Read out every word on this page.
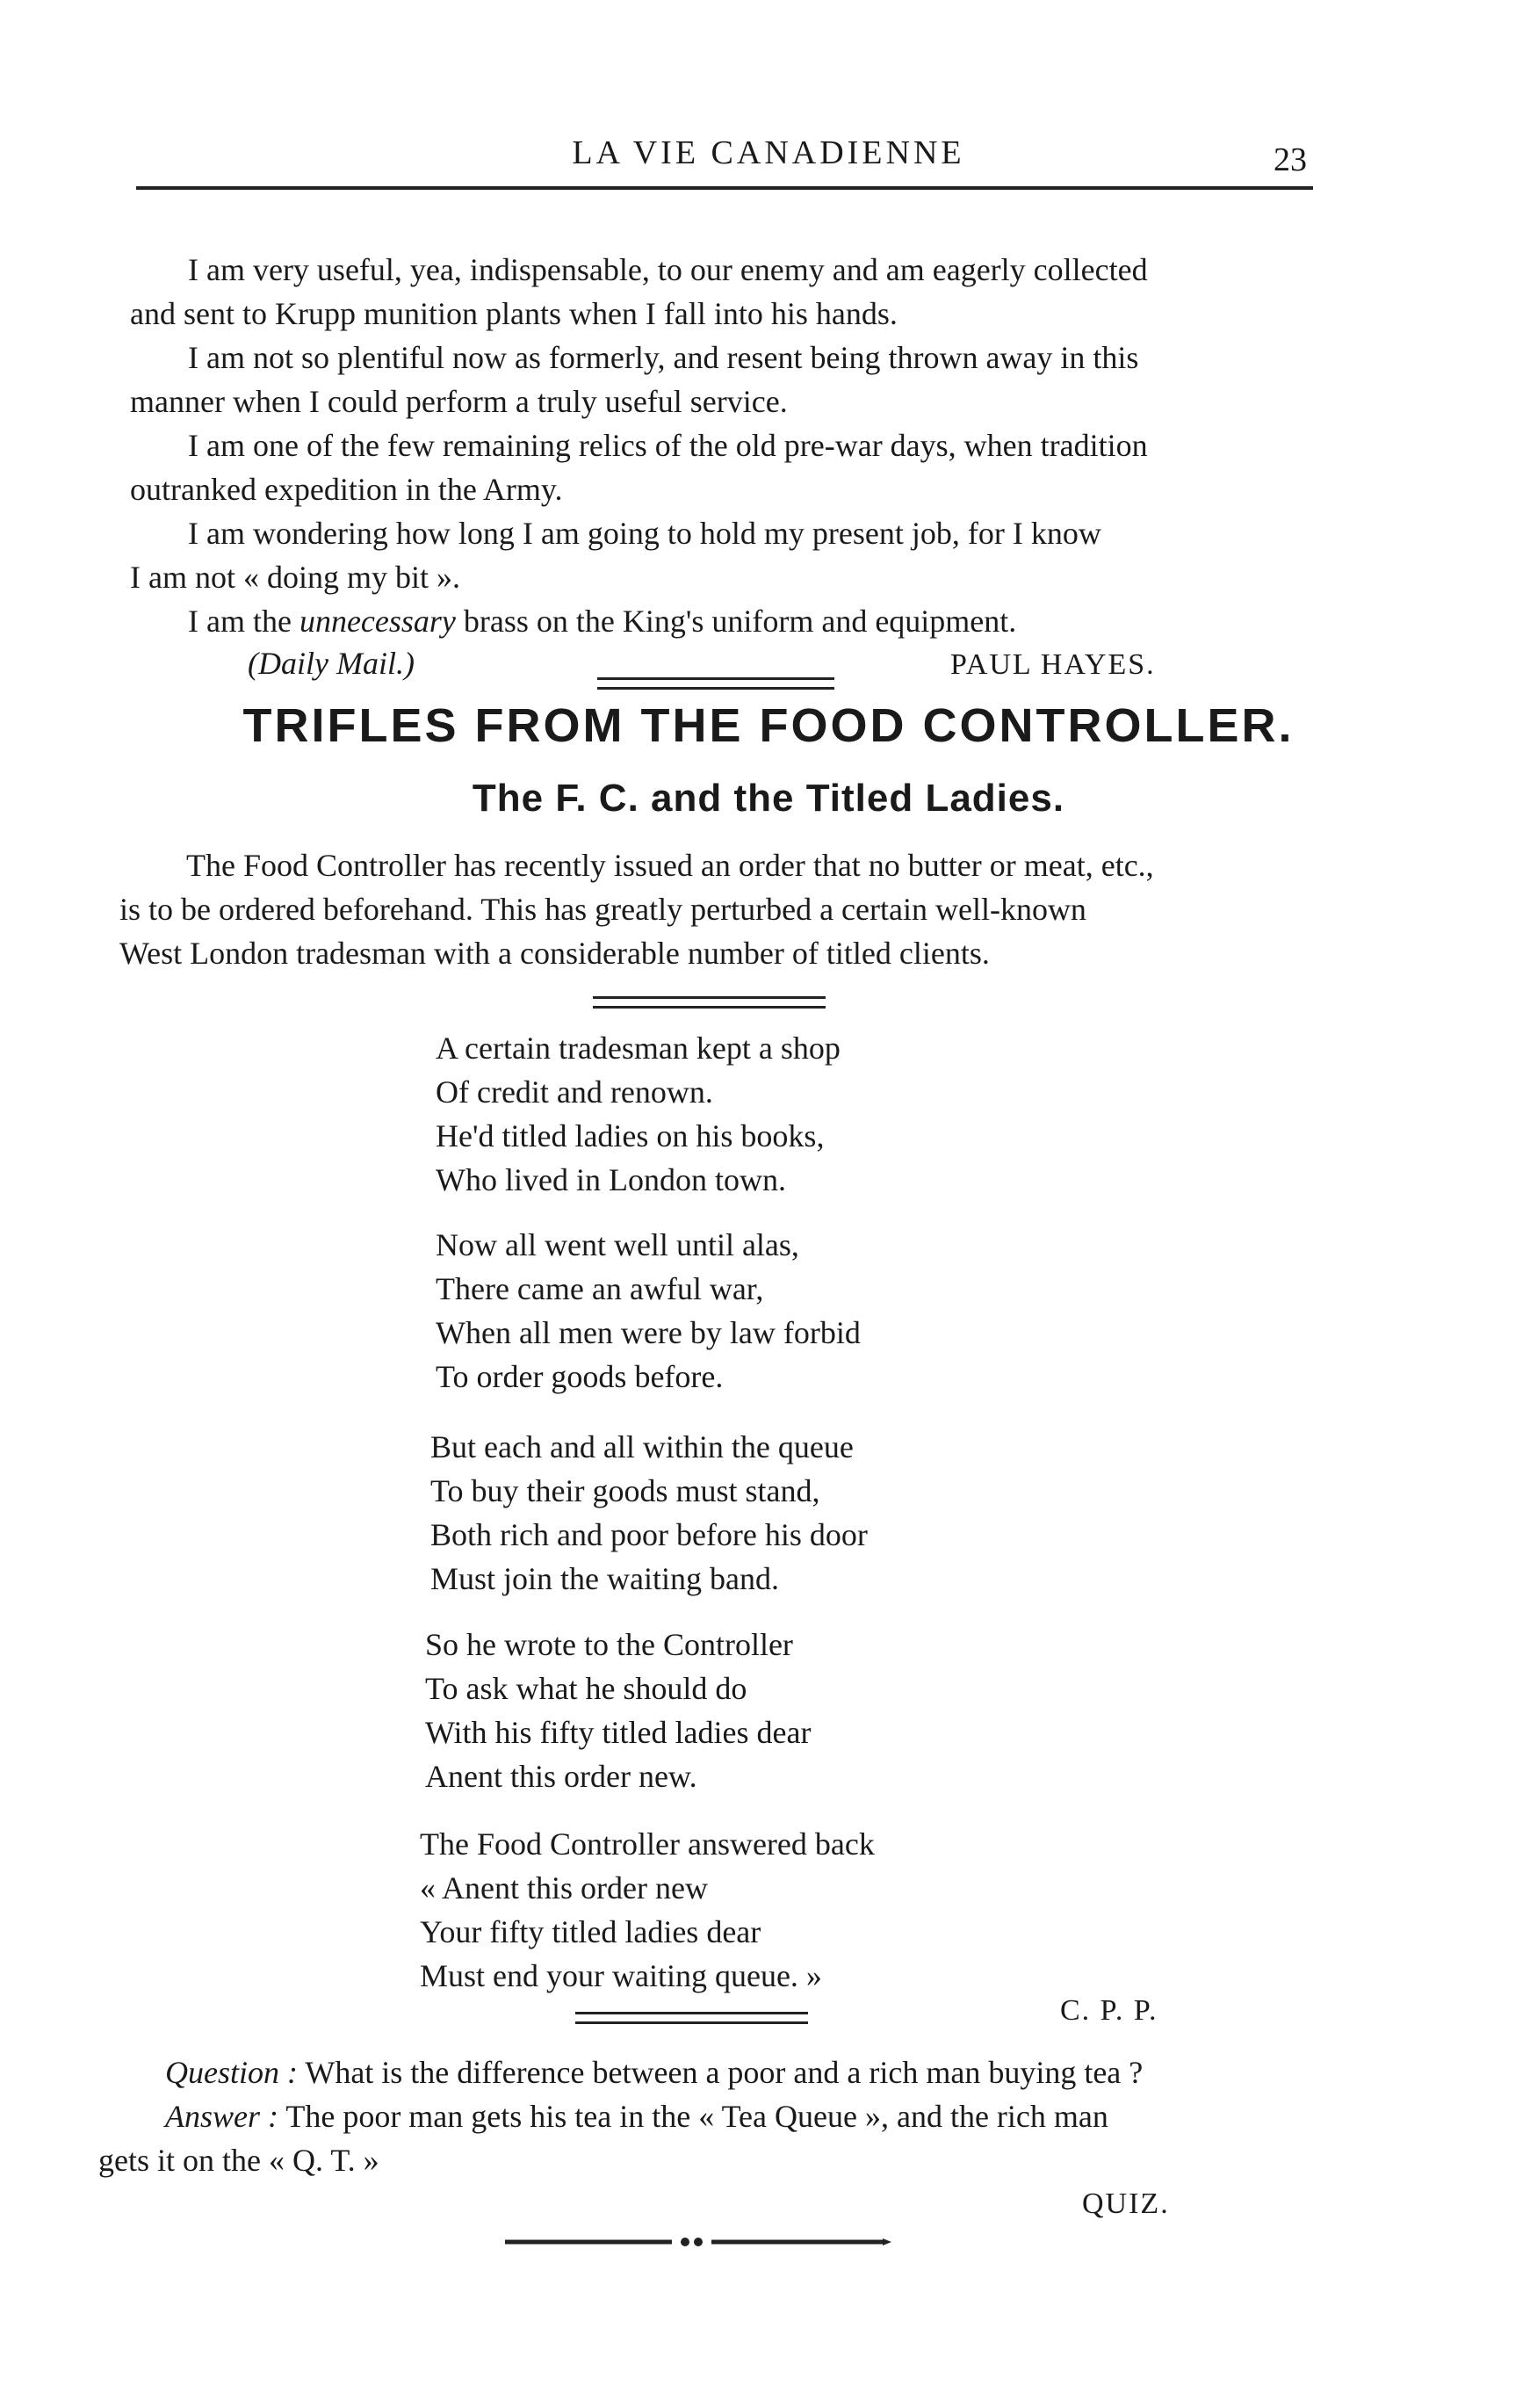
LA VIE CANADIENNE	23
I am very useful, yea, indispensable, to our enemy and am eagerly collected
and sent to Krupp munition plants when I fall into his hands.
I am not so plentiful now as formerly, and resent being thrown away in this
manner when I could perform a truly useful service.
I am one of the few remaining relics of the old pre-war days, when tradition
outranked expedition in the Army.
I am wondering how long I am going to hold my present job, for I know
I am not « doing my bit ».
I am the unnecessary brass on the King's uniform and equipment.
(Daily Mail.)	PAUL HAYES.
TRIFLES FROM THE FOOD CONTROLLER.
The F. C. and the Titled Ladies.
The Food Controller has recently issued an order that no butter or meat, etc.,
is to be ordered beforehand. This has greatly perturbed a certain well-known
West London tradesman with a considerable number of titled clients.
A certain tradesman kept a shop
Of credit and renown.
He'd titled ladies on his books,
Who lived in London town.
Now all went well until alas,
There came an awful war,
When all men were by law forbid
To order goods before.
But each and all within the queue
To buy their goods must stand,
Both rich and poor before his door
Must join the waiting band.
So he wrote to the Controller
To ask what he should do
With his fifty titled ladies dear
Anent this order new.
The Food Controller answered back
« Anent this order new
Your fifty titled ladies dear
Must end your waiting queue. »
C. P. P.
Question : What is the difference between a poor and a rich man buying tea ?
Answer : The poor man gets his tea in the « Tea Queue », and the rich man
gets it on the « Q. T. »
QUIZ.
